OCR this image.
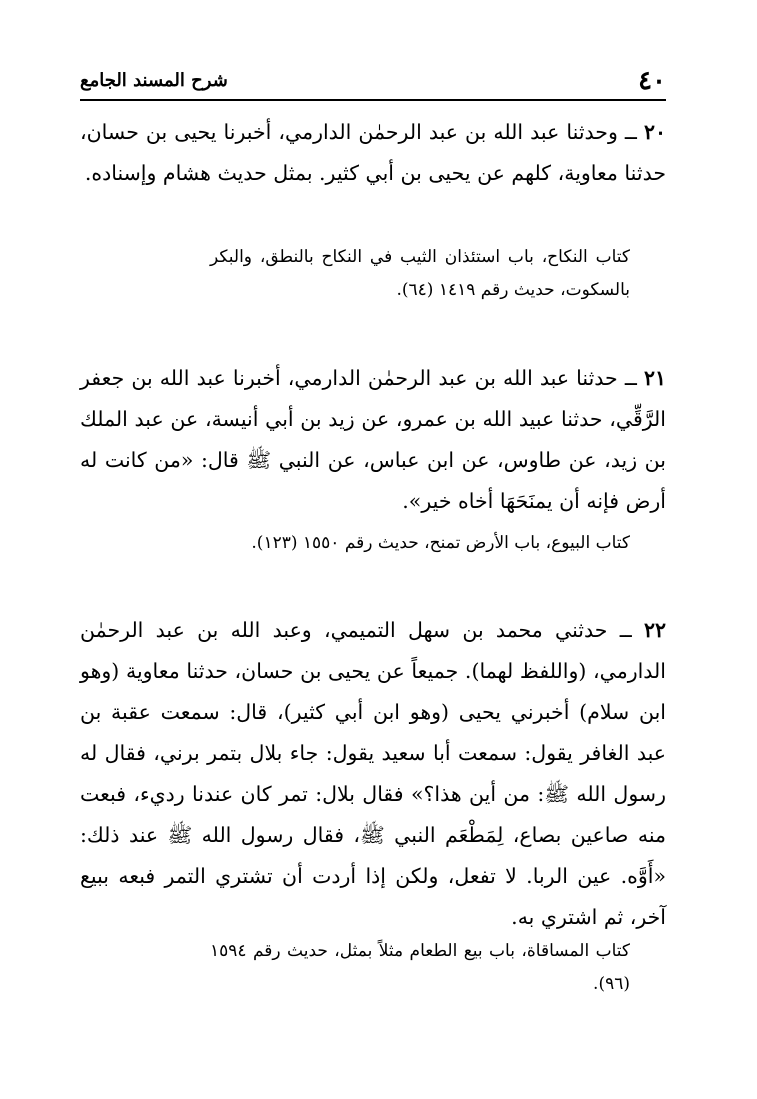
٤٠
شرح المسند الجامع

٢٠ ــ وحدثنا عبد الله بن عبد الرحمٰن الدارمي، أخبرنا يحيى بن حسان، حدثنا معاوية، كلهم عن يحيى بن أبي كثير. بمثل حديث هشام وإسناده.

كتاب النكاح، باب استئذان الثيب في النكاح بالنطق، والبكر بالسكوت، حديث رقم ١٤١٩ (٦٤).

٢١ ــ حدثنا عبد الله بن عبد الرحمٰن الدارمي، أخبرنا عبد الله بن جعفر الرَّقِّي، حدثنا عبيد الله بن عمرو، عن زيد بن أبي أنيسة، عن عبد الملك بن زيد، عن طاوس، عن ابن عباس، عن النبي ﷺ قال: «من كانت له أرض فإنه أن يمنَحَهَا أخاه خير».

كتاب البيوع، باب الأرض تمنح، حديث رقم ١٥٥٠ (١٢٣).

٢٢ ــ حدثني محمد بن سهل التميمي، وعبد الله بن عبد الرحمٰن الدارمي، (واللفظ لهما). جميعاً عن يحيى بن حسان، حدثنا معاوية (وهو ابن سلام) أخبرني يحيى (وهو ابن أبي كثير)، قال: سمعت عقبة بن عبد الغافر يقول: سمعت أبا سعيد يقول: جاء بلال بتمر برني، فقال له رسول الله ﷺ: من أين هذا؟» فقال بلال: تمر كان عندنا رديء، فبعت منه صاعين بصاع، لِمَطْعَم النبي ﷺ، فقال رسول الله ﷺ عند ذلك: «أَوَّه. عين الربا. لا تفعل، ولكن إذا أردت أن تشتري التمر فبعه ببيع آخر، ثم اشتري به.

كتاب المساقاة، باب بيع الطعام مثلاً بمثل، حديث رقم ١٥٩٤ (٩٦).
